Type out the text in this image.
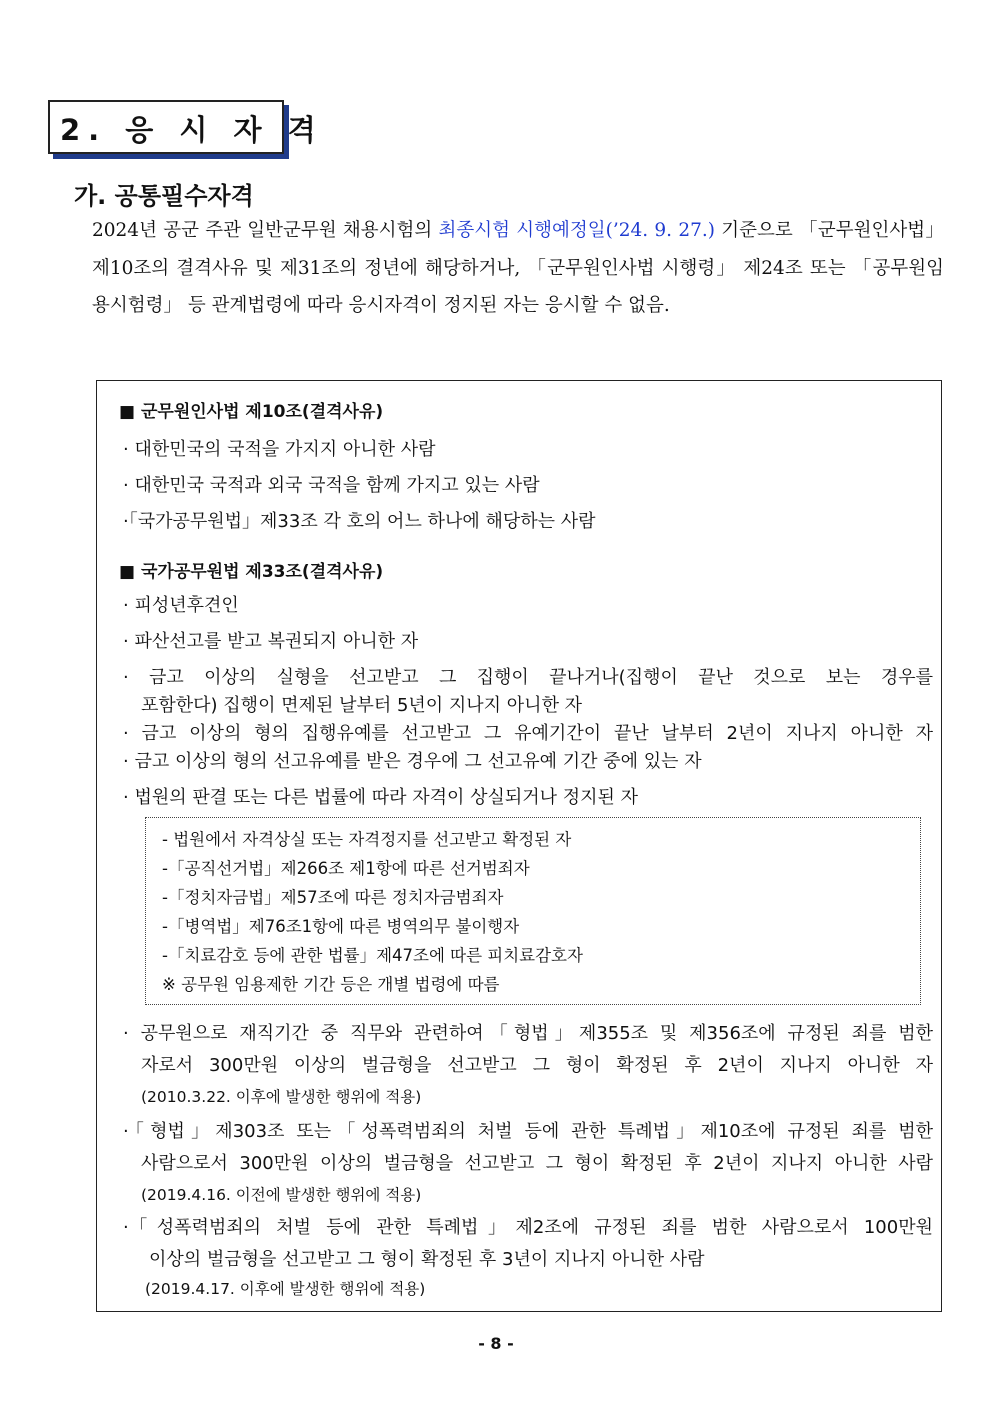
2. 응 시 자 격
가. 공통필수자격
2024년 공군 주관 일반군무원 채용시험의 최종시험 시행예정일(’24. 9. 27.) 기준으로 「군무원인사법」 제10조의 결격사유 및 제31조의 정년에 해당하거나, 「군무원인사법 시행령」 제24조 또는 「공무원임용시험령」 등 관계법령에 따라 응시자격이 정지된 자는 응시할 수 없음.
■ 군무원인사법 제10조(결격사유)
· 대한민국의 국적을 가지지 아니한 사람
· 대한민국 국적과 외국 국적을 함께 가지고 있는 사람
·「국가공무원법」제33조 각 호의 어느 하나에 해당하는 사람
■ 국가공무원법 제33조(결격사유)
· 피성년후견인
· 파산선고를 받고 복권되지 아니한 자
· 금고 이상의 실형을 선고받고 그 집행이 끝나거나(집행이 끝난 것으로 보는 경우를
포함한다) 집행이 면제된 날부터 5년이 지나지 아니한 자
· 금고 이상의 형의 집행유예를 선고받고 그 유예기간이 끝난 날부터 2년이 지나지 아니한 자
· 금고 이상의 형의 선고유예를 받은 경우에 그 선고유예 기간 중에 있는 자
· 법원의 판결 또는 다른 법률에 따라 자격이 상실되거나 정지된 자
- 법원에서 자격상실 또는 자격정지를 선고받고 확정된 자
-「공직선거법」제266조 제1항에 따른 선거범죄자
-「정치자금법」제57조에 따른 정치자금범죄자
-「병역법」제76조1항에 따른 병역의무 불이행자
-「치료감호 등에 관한 법률」제47조에 따른 피치료감호자
※ 공무원 임용제한 기간 등은 개별 법령에 따름
· 공무원으로 재직기간 중 직무와 관련하여「형법」제355조 및 제356조에 규정된 죄를 범한
자로서 300만원 이상의 벌금형을 선고받고 그 형이 확정된 후 2년이 지나지 아니한 자
(2010.3.22. 이후에 발생한 행위에 적용)
·「형법」제303조 또는「성폭력범죄의 처벌 등에 관한 특례법」제10조에 규정된 죄를 범한
사람으로서 300만원 이상의 벌금형을 선고받고 그 형이 확정된 후 2년이 지나지 아니한 사람
(2019.4.16. 이전에 발생한 행위에 적용)
·「성폭력범죄의 처벌 등에 관한 특례법」제2조에 규정된 죄를 범한 사람으로서 100만원
이상의 벌금형을 선고받고 그 형이 확정된 후 3년이 지나지 아니한 사람
(2019.4.17. 이후에 발생한 행위에 적용)
- 8 -
